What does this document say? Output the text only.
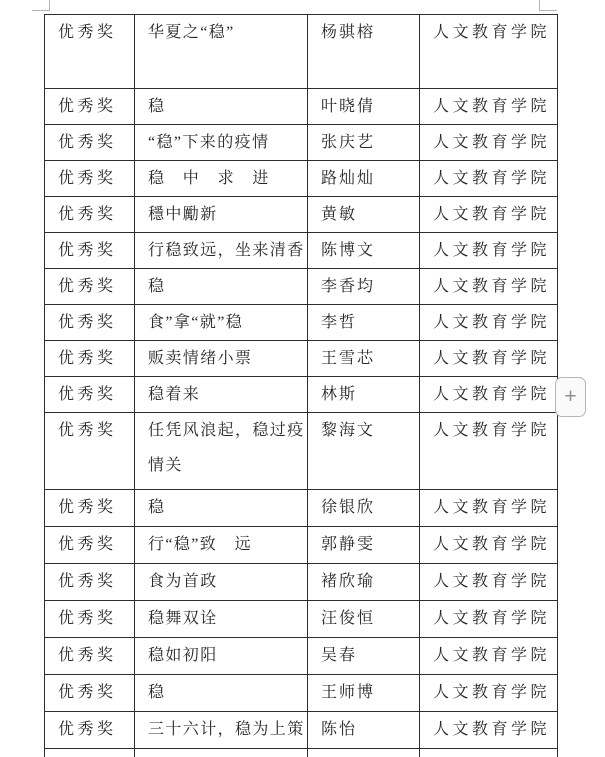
优秀奖	华夏之“稳”	杨骐榕	人文教育学院
优秀奖	稳	叶晓倩	人文教育学院
优秀奖	“稳”下来的疫情	张庆艺	人文教育学院
优秀奖	稳　中　求　进	路灿灿	人文教育学院
优秀奖	穩中勵新	黄敏	人文教育学院
优秀奖	行稳致远，坐来清香	陈博文	人文教育学院
优秀奖	稳	李香均	人文教育学院
优秀奖	食”拿“就”稳	李哲	人文教育学院
优秀奖	贩卖情绪小票	王雪芯	人文教育学院
优秀奖	稳着来	林斯	人文教育学院
优秀奖	任凭风浪起，稳过疫情关	黎海文	人文教育学院
优秀奖	稳	徐银欣	人文教育学院
优秀奖	行“稳”致　远	郭静雯	人文教育学院
优秀奖	食为首政	褚欣瑜	人文教育学院
优秀奖	稳舞双诠	汪俊恒	人文教育学院
优秀奖	稳如初阳	吴春	人文教育学院
优秀奖	稳	王师博	人文教育学院
优秀奖	三十六计，稳为上策	陈怡	人文教育学院

+
